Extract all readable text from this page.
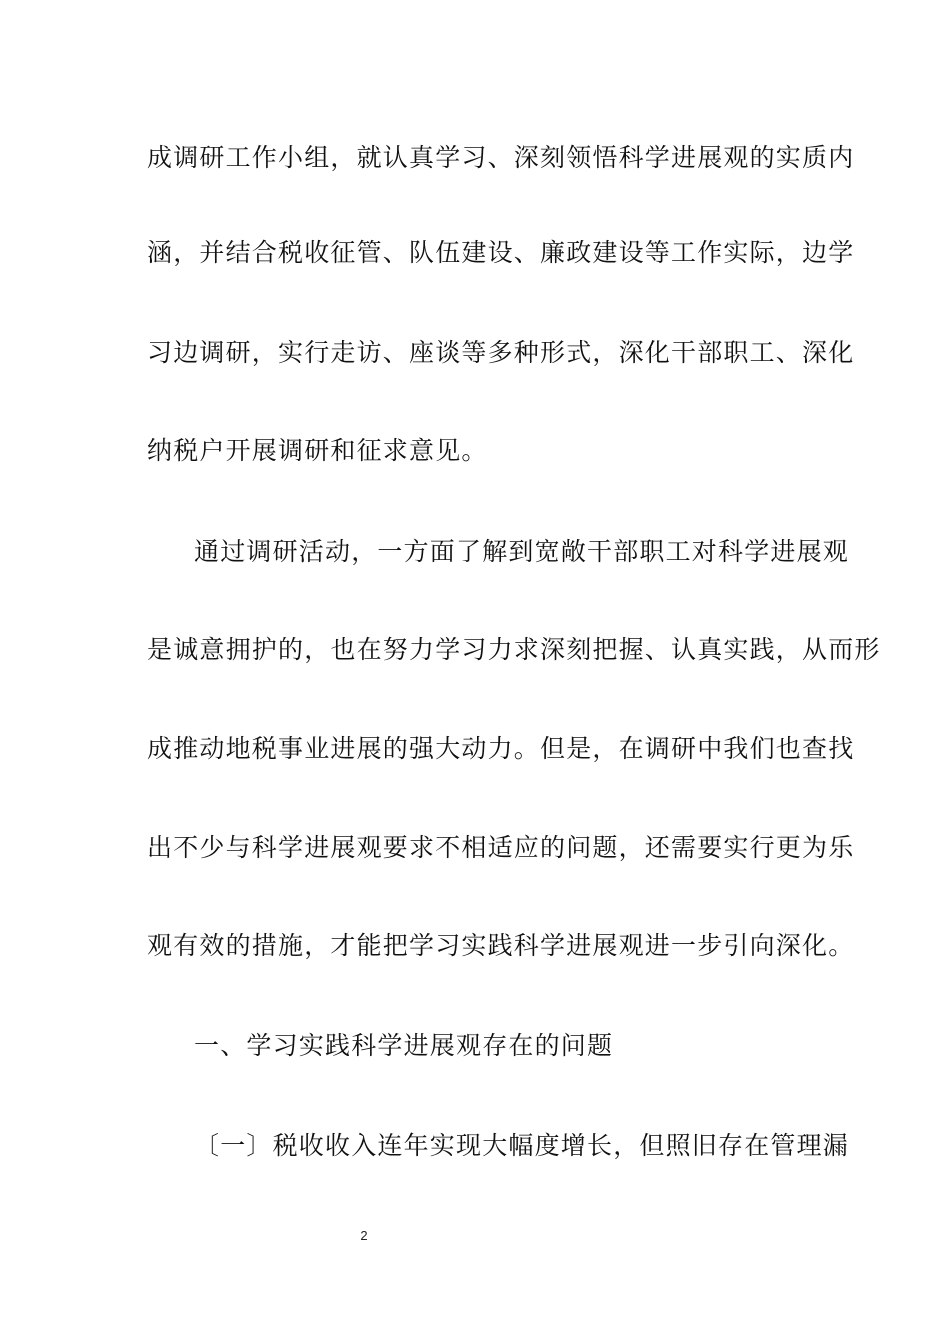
成调研工作小组，就认真学习、深刻领悟科学进展观的实质内
涵，并结合税收征管、队伍建设、廉政建设等工作实际，边学
习边调研，实行走访、座谈等多种形式，深化干部职工、深化
纳税户开展调研和征求意见。
通过调研活动，一方面了解到宽敞干部职工对科学进展观
是诚意拥护的，也在努力学习力求深刻把握、认真实践，从而形
成推动地税事业进展的强大动力。但是，在调研中我们也查找
出不少与科学进展观要求不相适应的问题，还需要实行更为乐
观有效的措施，才能把学习实践科学进展观进一步引向深化。
一、学习实践科学进展观存在的问题
〔一〕税收收入连年实现大幅度增长，但照旧存在管理漏
2
